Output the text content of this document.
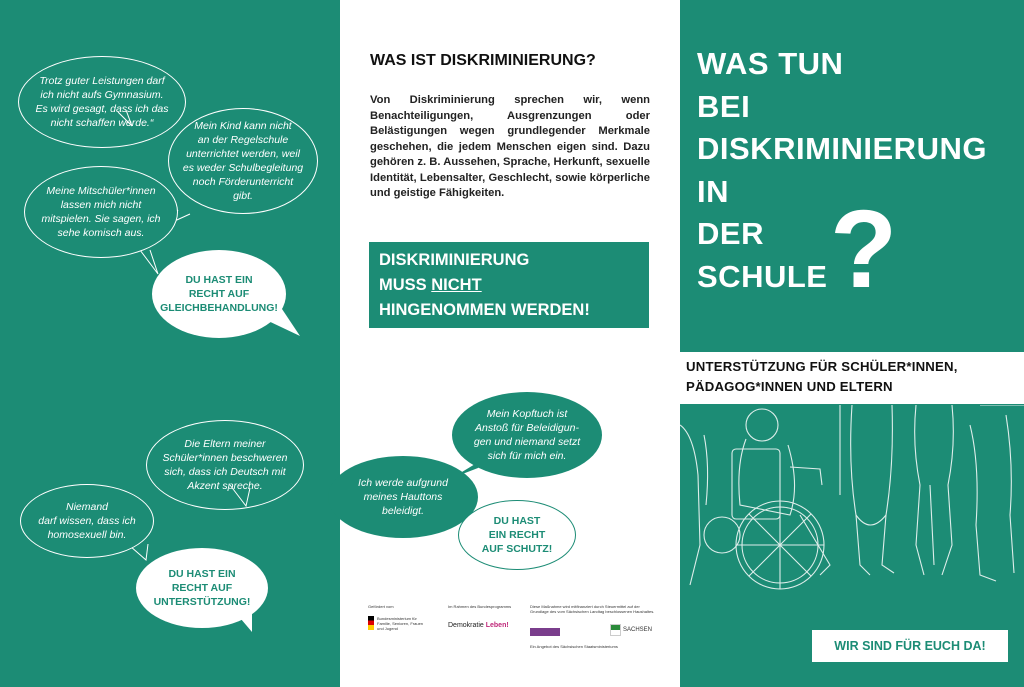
Trotz guter Leistungen darf
ich nicht aufs Gymnasium.
Es wird gesagt, dass ich das
nicht schaffen werde.“	Mein Kind kann nicht
an der Regelschule
unterrichtet werden, weil
es weder Schulbegleitung
noch Förderunterricht
gibt.
Meine Mitschüler*innen
lassen mich nicht
mitspielen. Sie sagen, ich
sehe komisch aus.
DU HAST EIN
RECHT AUF
GLEICHBEHANDLUNG!
Die Eltern meiner
Schüler*innen beschweren
sich, dass ich Deutsch mit
Akzent spreche.
Niemand
darf wissen, dass ich
homosexuell bin.
DU HAST EIN
RECHT AUF
UNTERSTÜTZUNG!
WAS IST DISKRIMINIERUNG?
Von Diskriminierung sprechen wir, wenn Benachteiligungen, Ausgrenzungen oder Belästigungen wegen grundlegender Merkmale geschehen, die jedem Menschen eigen sind. Dazu gehören z. B. Aussehen, Sprache, Herkunft, sexuelle Identität, Lebensalter, Geschlecht, sowie körperliche und geistige Fähigkeiten.
DISKRIMINIERUNG
MUSS NICHT
HINGENOMMEN WERDEN!
Mein Kopftuch ist
Anstoß für Beleidigun-
gen und niemand setzt
sich für mich ein.
Ich werde aufgrund
meines Hauttons
beleidigt.
DU HAST
EIN RECHT
AUF SCHUTZ!
Gefördert vom
Bundesministerium für Familie, Senioren, Frauen und Jugend
Im Rahmen des Bundesprogramms
Demokratie Leben!
Diese Maßnahme wird mitfinanziert durch Steuermittel auf der Grundlage des vom Sächsischen Landtag beschlossenen Haushaltes.
SACHSEN
Ein Angebot des Sächsischen Staatsministeriums
WAS TUN
BEI
DISKRIMINIERUNG
IN
DER
SCHULE ?
UNTERSTÜTZUNG FÜR SCHÜLER*INNEN,
PÄDAGOG*INNEN UND ELTERN
WIR SIND FÜR EUCH DA!
